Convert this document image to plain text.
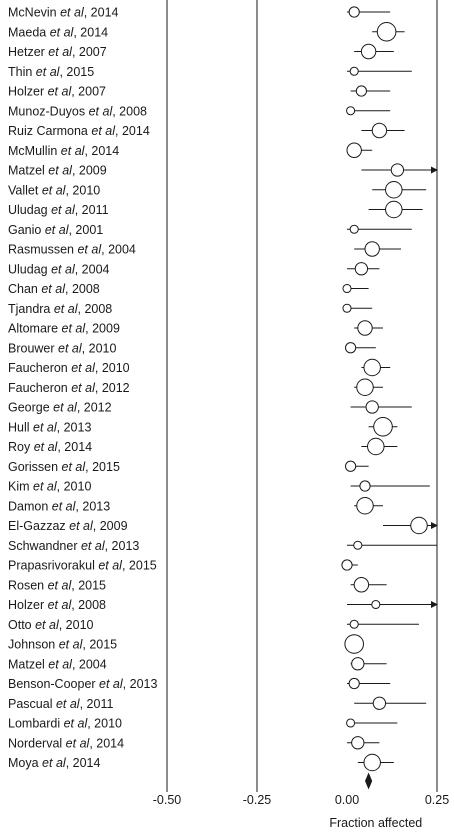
McNevin et al, 2014
Maeda et al, 2014
Hetzer et al, 2007
Thin et al, 2015
Holzer et al, 2007
Munoz-Duyos et al, 2008
Ruiz Carmona et al, 2014
McMullin et al, 2014
Matzel et al, 2009
Vallet et al, 2010
Uludag et al, 2011
Ganio et al, 2001
Rasmussen et al, 2004
Uludag et al, 2004
Chan et al, 2008
Tjandra et al, 2008
Altomare et al, 2009
Brouwer et al, 2010
Faucheron et al, 2010
Faucheron et al, 2012
George et al, 2012
Hull et al, 2013
Roy et al, 2014
Gorissen et al, 2015
Kim et al, 2010
Damon et al, 2013
El-Gazzaz et al, 2009
Schwandner et al, 2013
Prapasrivorakul et al, 2015
Rosen et al, 2015
Holzer et al, 2008
Otto et al, 2010
Johnson et al, 2015
Matzel et al, 2004
Benson-Cooper et al, 2013
Pascual et al, 2011
Lombardi et al, 2010
Norderval et al, 2014
Moya et al, 2014
Fraction affected
-0.50	-0.25	0.00	0.25
